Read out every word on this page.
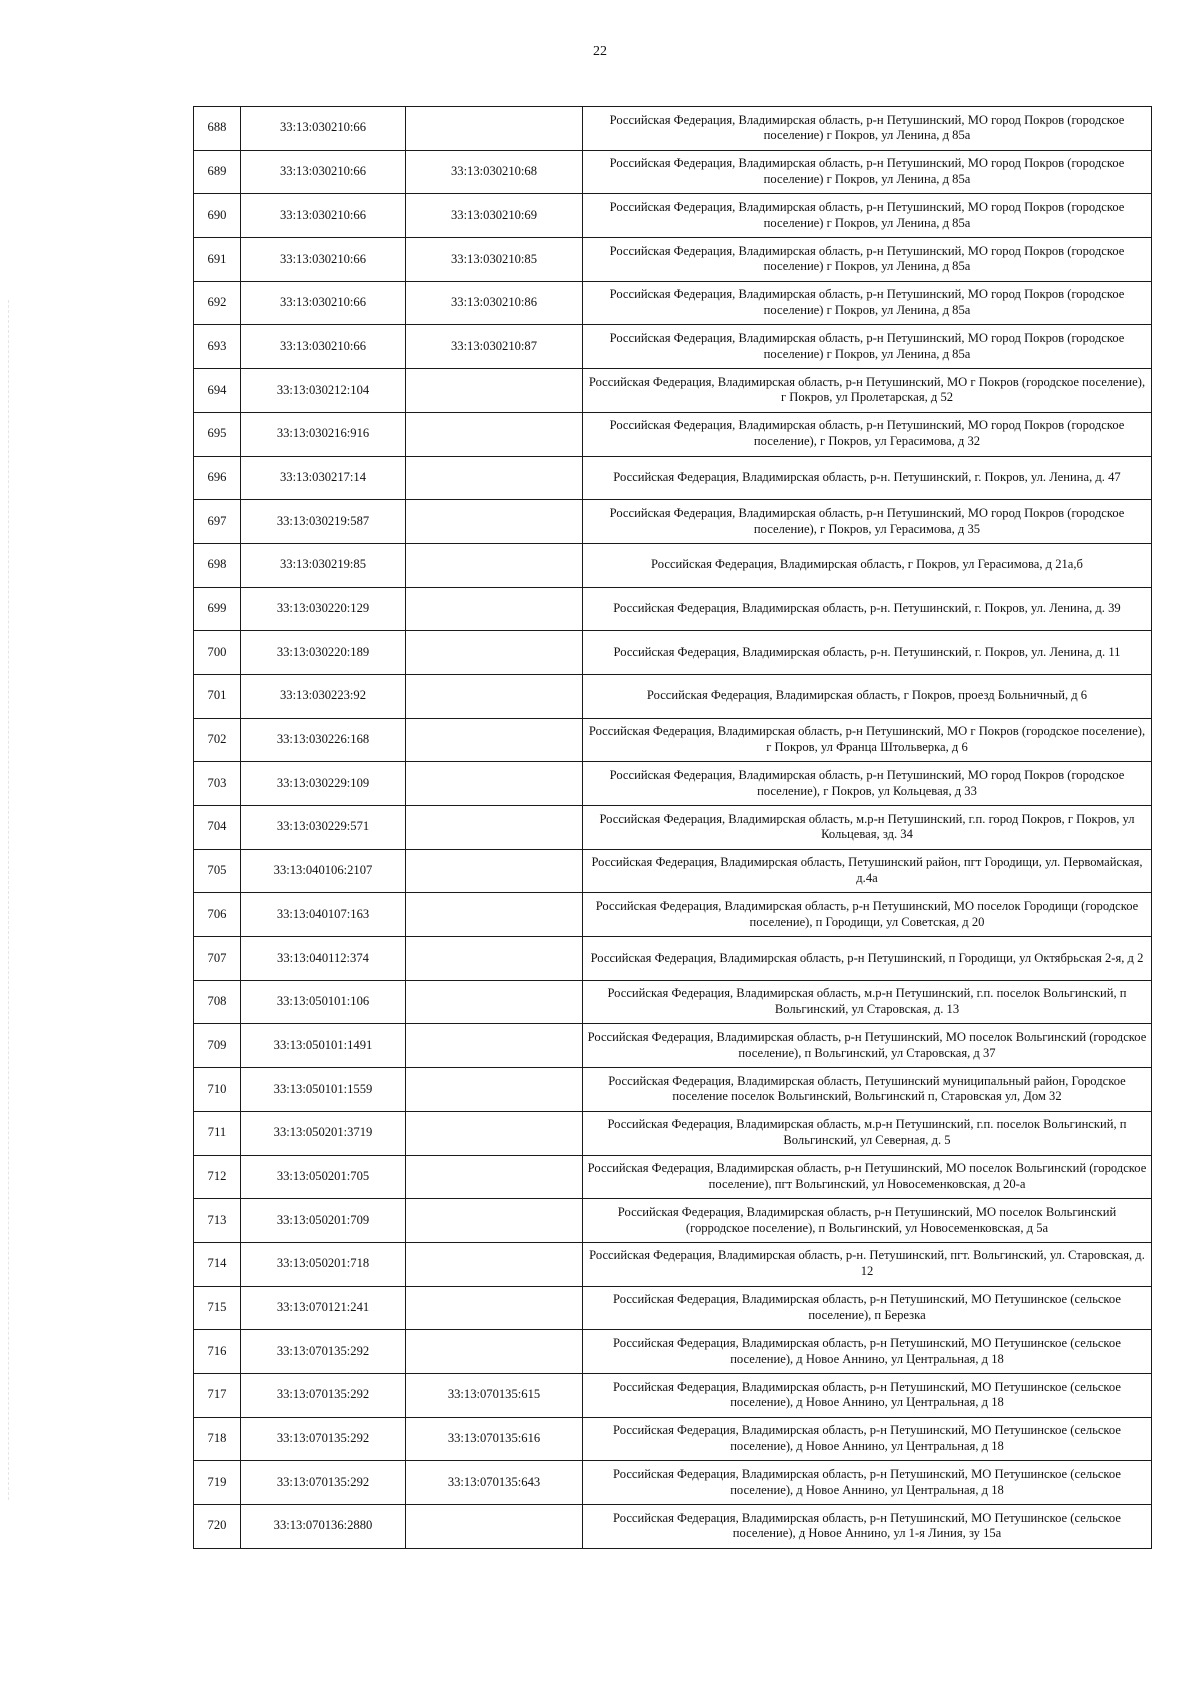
22
688	33:13:030210:66		Российская Федерация, Владимирская область, р-н Петушинский, МО город Покров (городское поселение) г Покров, ул Ленина, д 85а
689	33:13:030210:66	33:13:030210:68	Российская Федерация, Владимирская область, р-н Петушинский, МО город Покров (городское поселение) г Покров, ул Ленина, д 85а
690	33:13:030210:66	33:13:030210:69	Российская Федерация, Владимирская область, р-н Петушинский, МО город Покров (городское поселение) г Покров, ул Ленина, д 85а
691	33:13:030210:66	33:13:030210:85	Российская Федерация, Владимирская область, р-н Петушинский, МО город Покров (городское поселение) г Покров, ул Ленина, д 85а
692	33:13:030210:66	33:13:030210:86	Российская Федерация, Владимирская область, р-н Петушинский, МО город Покров (городское поселение) г Покров, ул Ленина, д 85а
693	33:13:030210:66	33:13:030210:87	Российская Федерация, Владимирская область, р-н Петушинский, МО город Покров (городское поселение) г Покров, ул Ленина, д 85а
694	33:13:030212:104		Российская Федерация, Владимирская область, р-н Петушинский, МО г Покров (городское поселение), г Покров, ул Пролетарская, д 52
695	33:13:030216:916		Российская Федерация, Владимирская область, р-н Петушинский, МО город Покров (городское поселение), г Покров, ул Герасимова, д 32
696	33:13:030217:14		Российская Федерация, Владимирская область, р-н. Петушинский, г. Покров, ул. Ленина, д. 47
697	33:13:030219:587		Российская Федерация, Владимирская область, р-н Петушинский, МО город Покров (городское поселение), г Покров, ул Герасимова, д 35
698	33:13:030219:85		Российская Федерация, Владимирская область, г Покров, ул Герасимова, д 21а,б
699	33:13:030220:129		Российская Федерация, Владимирская область, р-н. Петушинский, г. Покров, ул. Ленина, д. 39
700	33:13:030220:189		Российская Федерация, Владимирская область, р-н. Петушинский, г. Покров, ул. Ленина, д. 11
701	33:13:030223:92		Российская Федерация, Владимирская область, г Покров, проезд Больничный, д 6
702	33:13:030226:168		Российская Федерация, Владимирская область, р-н Петушинский, МО г Покров (городское поселение), г Покров, ул Франца Штольверка, д 6
703	33:13:030229:109		Российская Федерация, Владимирская область, р-н Петушинский, МО город Покров (городское поселение), г Покров, ул Кольцевая, д 33
704	33:13:030229:571		Российская Федерация, Владимирская область, м.р-н Петушинский, г.п. город Покров, г Покров, ул Кольцевая, зд. 34
705	33:13:040106:2107		Российская Федерация, Владимирская область, Петушинский район, пгт Городищи, ул. Первомайская, д.4а
706	33:13:040107:163		Российская Федерация, Владимирская область, р-н Петушинский, МО поселок Городищи (городское поселение), п Городищи, ул Советская, д 20
707	33:13:040112:374		Российская Федерация, Владимирская область, р-н Петушинский, п Городищи, ул Октябрьская 2-я, д 2
708	33:13:050101:106		Российская Федерация, Владимирская область, м.р-н Петушинский, г.п. поселок Вольгинский, п Вольгинский, ул Старовская, д. 13
709	33:13:050101:1491		Российская Федерация, Владимирская область, р-н Петушинский, МО поселок Вольгинский (городское поселение), п Вольгинский, ул Старовская, д 37
710	33:13:050101:1559		Российская Федерация, Владимирская область, Петушинский муниципальный район, Городское поселение поселок Вольгинский, Вольгинский п, Старовская ул, Дом 32
711	33:13:050201:3719		Российская Федерация, Владимирская область, м.р-н Петушинский, г.п. поселок Вольгинский, п Вольгинский, ул Северная, д. 5
712	33:13:050201:705		Российская Федерация, Владимирская область, р-н Петушинский, МО поселок Вольгинский (городское поселение), пгт Вольгинский, ул Новосеменковская, д 20-а
713	33:13:050201:709		Российская Федерация, Владимирская область, р-н Петушинский, МО поселок Вольгинский (горродское поселение), п Вольгинский, ул Новосеменковская, д 5а
714	33:13:050201:718		Российская Федерация, Владимирская область, р-н. Петушинский, пгт. Вольгинский, ул. Старовская, д. 12
715	33:13:070121:241		Российская Федерация, Владимирская область, р-н Петушинский, МО Петушинское (сельское поселение), п Березка
716	33:13:070135:292		Российская Федерация, Владимирская область, р-н Петушинский, МО Петушинское (сельское поселение), д Новое Аннино, ул Центральная, д 18
717	33:13:070135:292	33:13:070135:615	Российская Федерация, Владимирская область, р-н Петушинский, МО Петушинское (сельское поселение), д Новое Аннино, ул Центральная, д 18
718	33:13:070135:292	33:13:070135:616	Российская Федерация, Владимирская область, р-н Петушинский, МО Петушинское (сельское поселение), д Новое Аннино, ул Центральная, д 18
719	33:13:070135:292	33:13:070135:643	Российская Федерация, Владимирская область, р-н Петушинский, МО Петушинское (сельское поселение), д Новое Аннино, ул Центральная, д 18
720	33:13:070136:2880		Российская Федерация, Владимирская область, р-н Петушинский, МО Петушинское (сельское поселение), д Новое Аннино, ул 1-я Линия, зу 15а
